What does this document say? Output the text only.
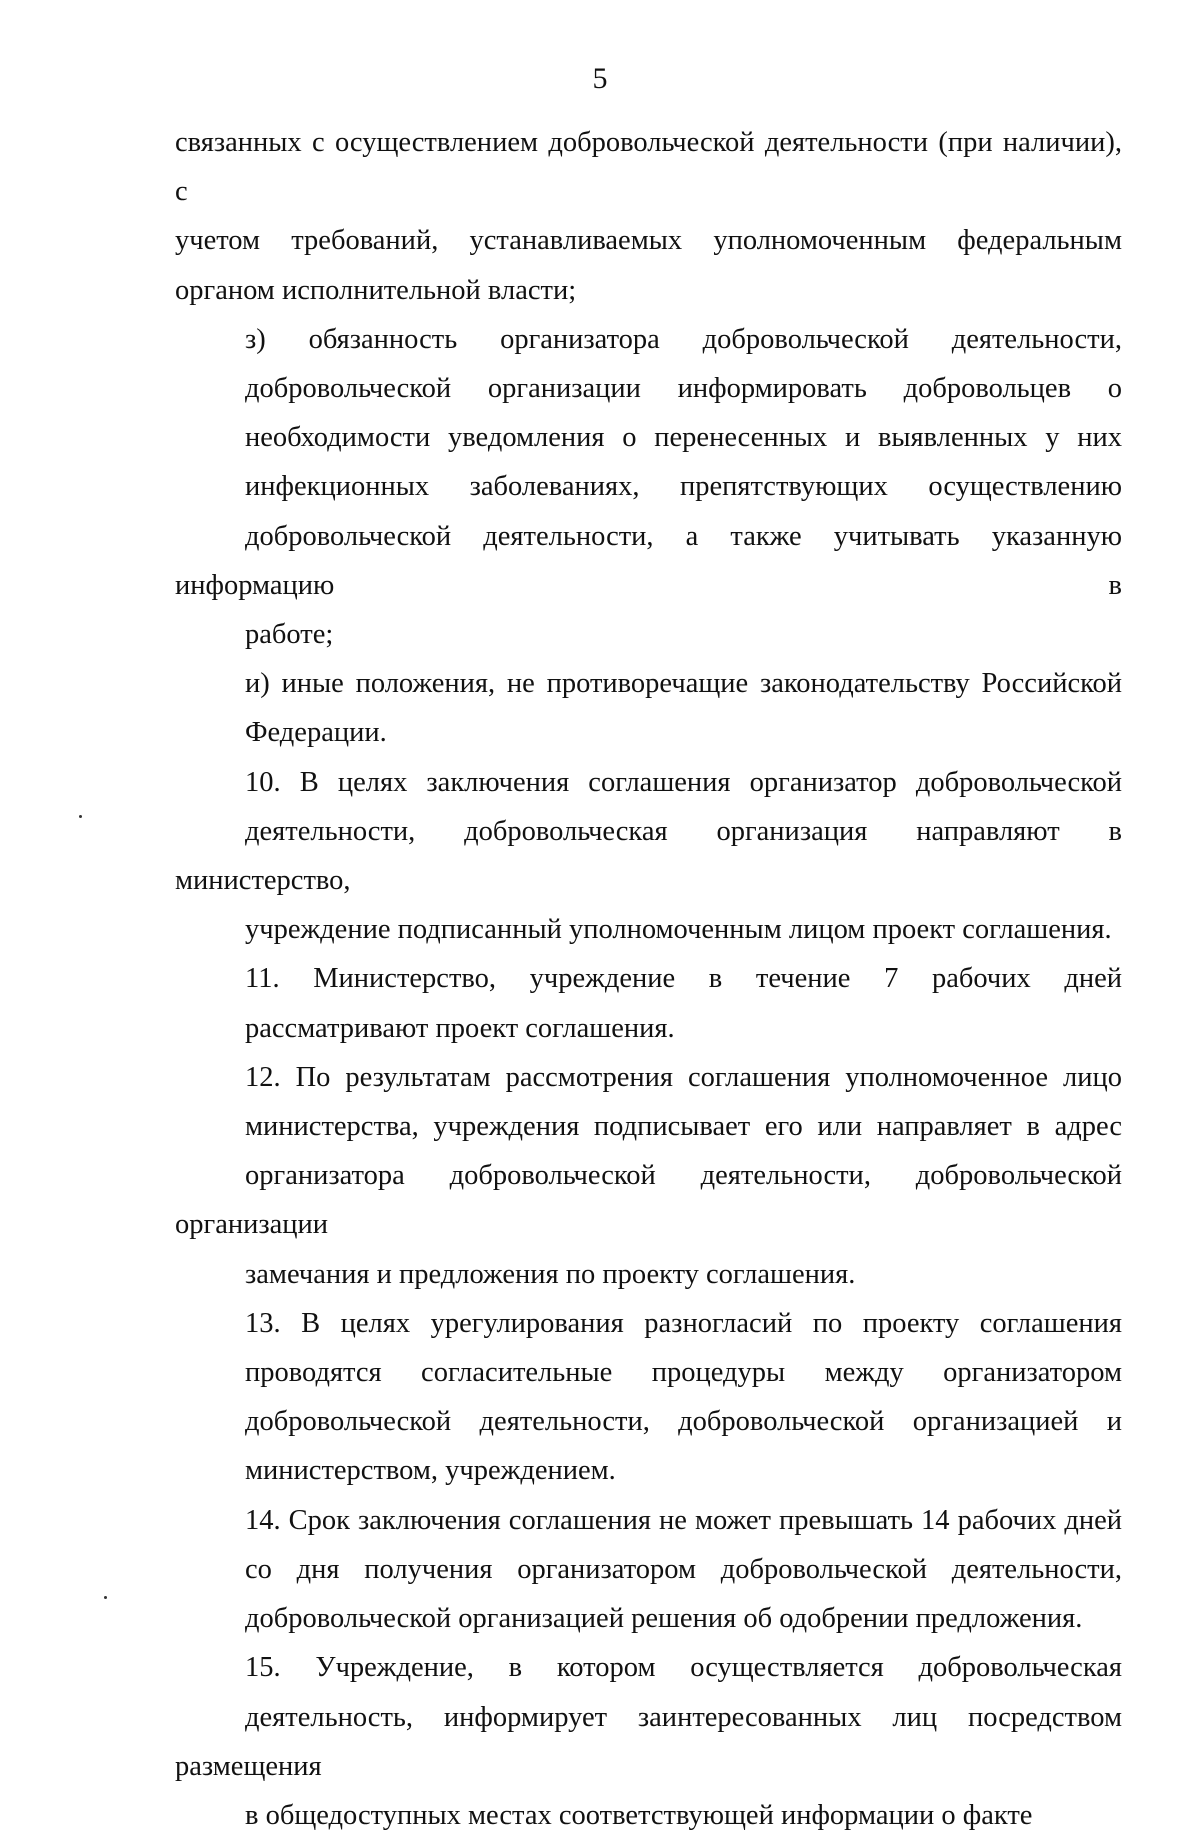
5
связанных с осуществлением добровольческой деятельности (при наличии), с
учетом требований, устанавливаемых уполномоченным федеральным
органом исполнительной власти;
з) обязанность организатора добровольческой деятельности,
добровольческой организации информировать добровольцев о
необходимости уведомления о перенесенных и выявленных у них
инфекционных заболеваниях, препятствующих осуществлению
добровольческой деятельности, а также учитывать указанную информацию в
работе;
и) иные положения, не противоречащие законодательству Российской
Федерации.
10. В целях заключения соглашения организатор добровольческой
деятельности, добровольческая организация направляют в министерство,
учреждение подписанный уполномоченным лицом проект соглашения.
11. Министерство, учреждение в течение 7 рабочих дней
рассматривают проект соглашения.
12. По результатам рассмотрения соглашения уполномоченное лицо
министерства, учреждения подписывает его или направляет в адрес
организатора добровольческой деятельности, добровольческой организации
замечания и предложения по проекту соглашения.
13. В целях урегулирования разногласий по проекту соглашения
проводятся согласительные процедуры между организатором
добровольческой деятельности, добровольческой организацией и
министерством, учреждением.
14. Срок заключения соглашения не может превышать 14 рабочих дней
со дня получения организатором добровольческой деятельности,
добровольческой организацией решения об одобрении предложения.
15. Учреждение, в котором осуществляется добровольческая
деятельность, информирует заинтересованных лиц посредством размещения
в общедоступных местах соответствующей информации о факте
